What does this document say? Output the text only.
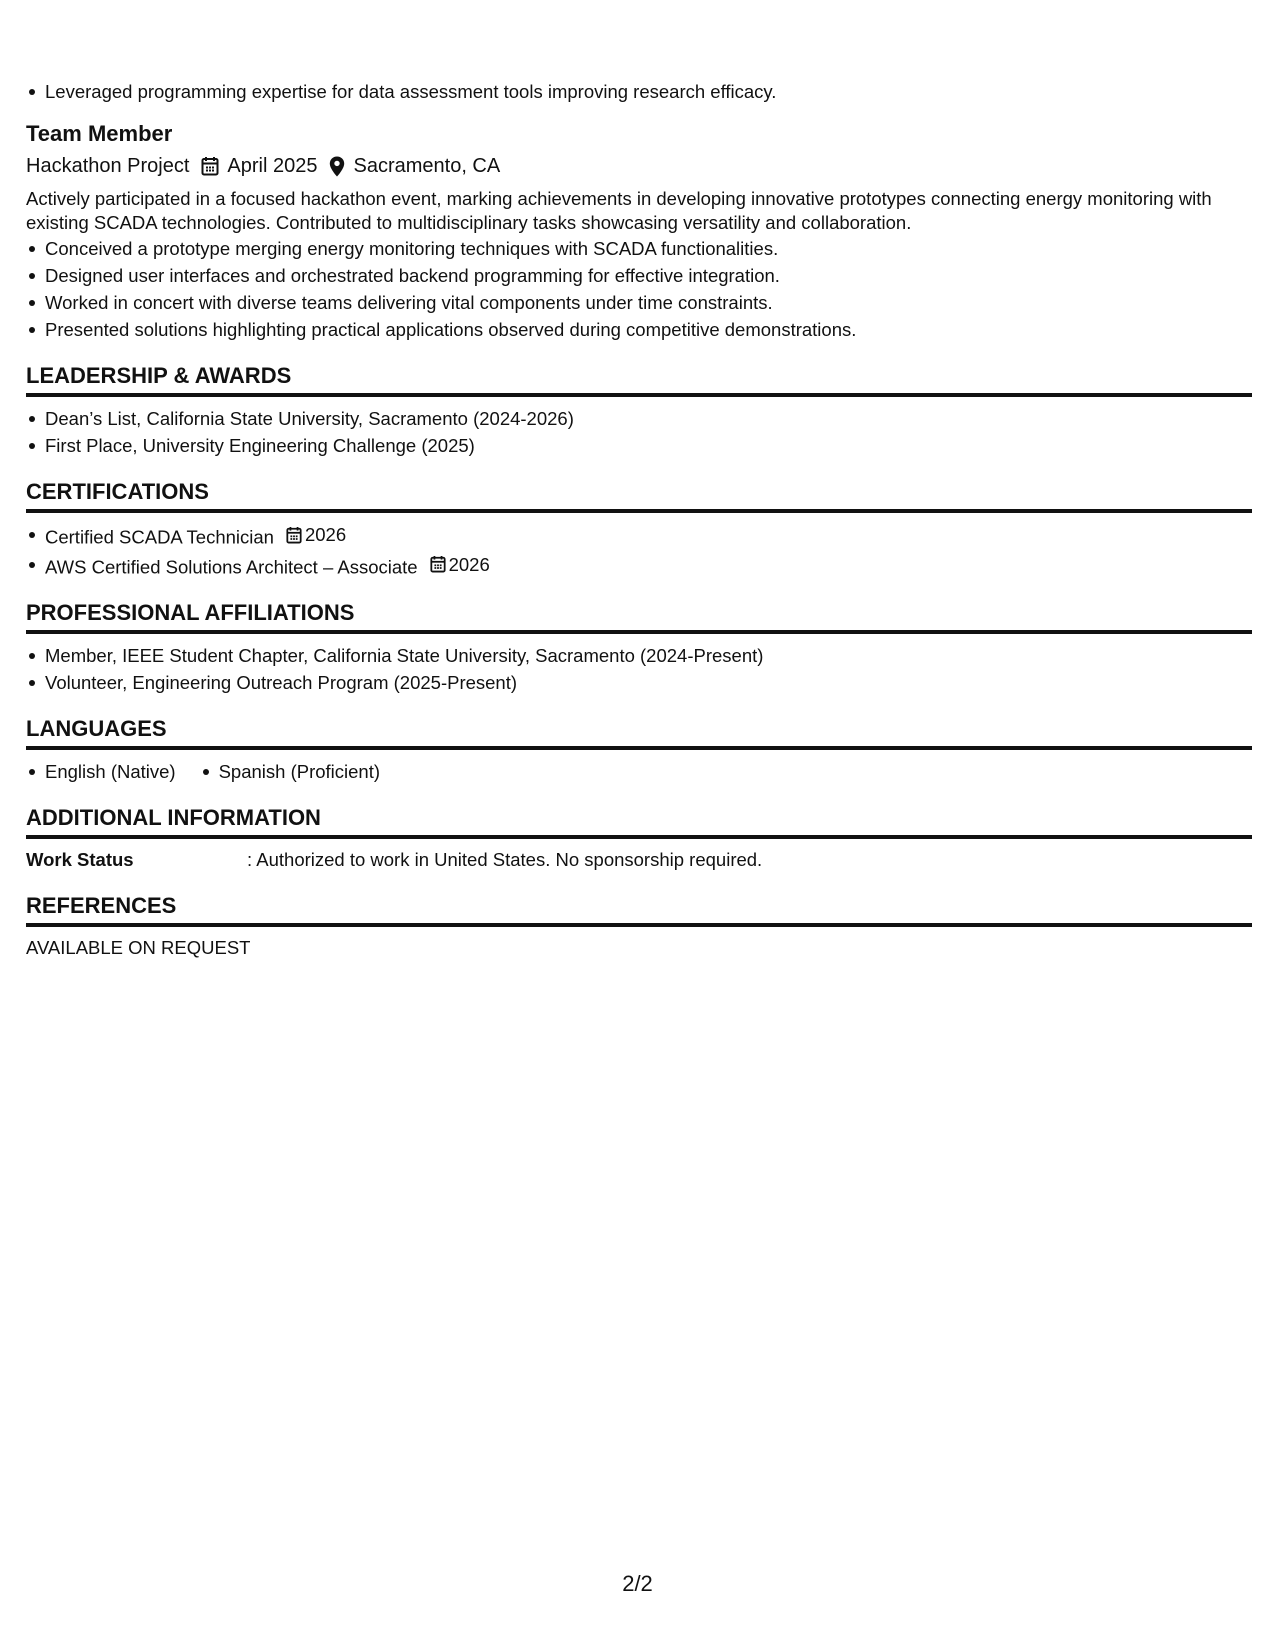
Leveraged programming expertise for data assessment tools improving research efficacy.
Team Member
Hackathon Project April 2025 Sacramento, CA

Actively participated in a focused hackathon event, marking achievements in developing innovative prototypes connecting energy monitoring with existing SCADA technologies. Contributed to multidisciplinary tasks showcasing versatility and collaboration.

Conceived a prototype merging energy monitoring techniques with SCADA functionalities.
Designed user interfaces and orchestrated backend programming for effective integration.
Worked in concert with diverse teams delivering vital components under time constraints.
Presented solutions highlighting practical applications observed during competitive demonstrations.
LEADERSHIP & AWARDS
Dean’s List, California State University, Sacramento (2024-2026)
First Place, University Engineering Challenge (2025)
CERTIFICATIONS
Certified SCADA Technician 2026
AWS Certified Solutions Architect – Associate 2026
PROFESSIONAL AFFILIATIONS
Member, IEEE Student Chapter, California State University, Sacramento (2024-Present)
Volunteer, Engineering Outreach Program (2025-Present)
LANGUAGES
English (Native)	Spanish (Proficient)
ADDITIONAL INFORMATION
Work Status	: Authorized to work in United States. No sponsorship required.
REFERENCES
AVAILABLE ON REQUEST
2/2
